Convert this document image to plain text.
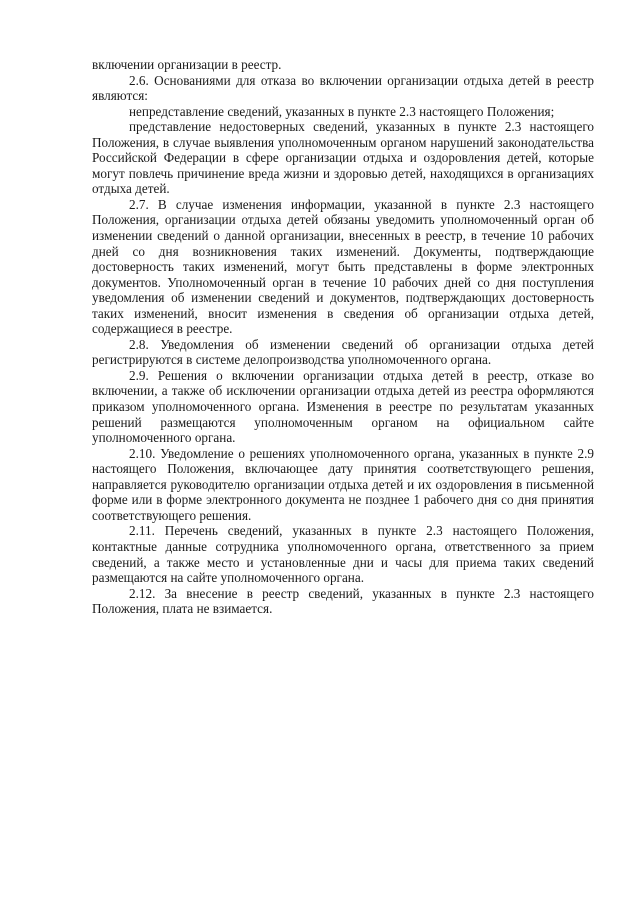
включении организации в реестр.

2.6. Основаниями для отказа во включении организации отдыха детей в реестр являются:

непредставление сведений, указанных в пункте 2.3 настоящего Положения;

представление недостоверных сведений, указанных в пункте 2.3 настоящего Положения, в случае выявления уполномоченным органом нарушений законодательства Российской Федерации в сфере организации отдыха и оздоровления детей, которые могут повлечь причинение вреда жизни и здоровью детей, находящихся в организациях отдыха детей.

2.7. В случае изменения информации, указанной в пункте 2.3 настоящего Положения, организации отдыха детей обязаны уведомить уполномоченный орган об изменении сведений о данной организации, внесенных в реестр, в течение 10 рабочих дней со дня возникновения таких изменений. Документы, подтверждающие достоверность таких изменений, могут быть представлены в форме электронных документов. Уполномоченный орган в течение 10 рабочих дней со дня поступления уведомления об изменении сведений и документов, подтверждающих достоверность таких изменений, вносит изменения в сведения об организации отдыха детей, содержащиеся в реестре.

2.8. Уведомления об изменении сведений об организации отдыха детей регистрируются в системе делопроизводства уполномоченного органа.

2.9. Решения о включении организации отдыха детей в реестр, отказе во включении, а также об исключении организации отдыха детей из реестра оформляются приказом уполномоченного органа. Изменения в реестре по результатам указанных решений размещаются уполномоченным органом на официальном сайте уполномоченного органа.

2.10. Уведомление о решениях уполномоченного органа, указанных в пункте 2.9 настоящего Положения, включающее дату принятия соответствующего решения, направляется руководителю организации отдыха детей и их оздоровления в письменной форме или в форме электронного документа не позднее 1 рабочего дня со дня принятия соответствующего решения.

2.11. Перечень сведений, указанных в пункте 2.3 настоящего Положения, контактные данные сотрудника уполномоченного органа, ответственного за прием сведений, а также место и установленные дни и часы для приема таких сведений размещаются на сайте уполномоченного органа.

2.12. За внесение в реестр сведений, указанных в пункте 2.3 настоящего Положения, плата не взимается.
